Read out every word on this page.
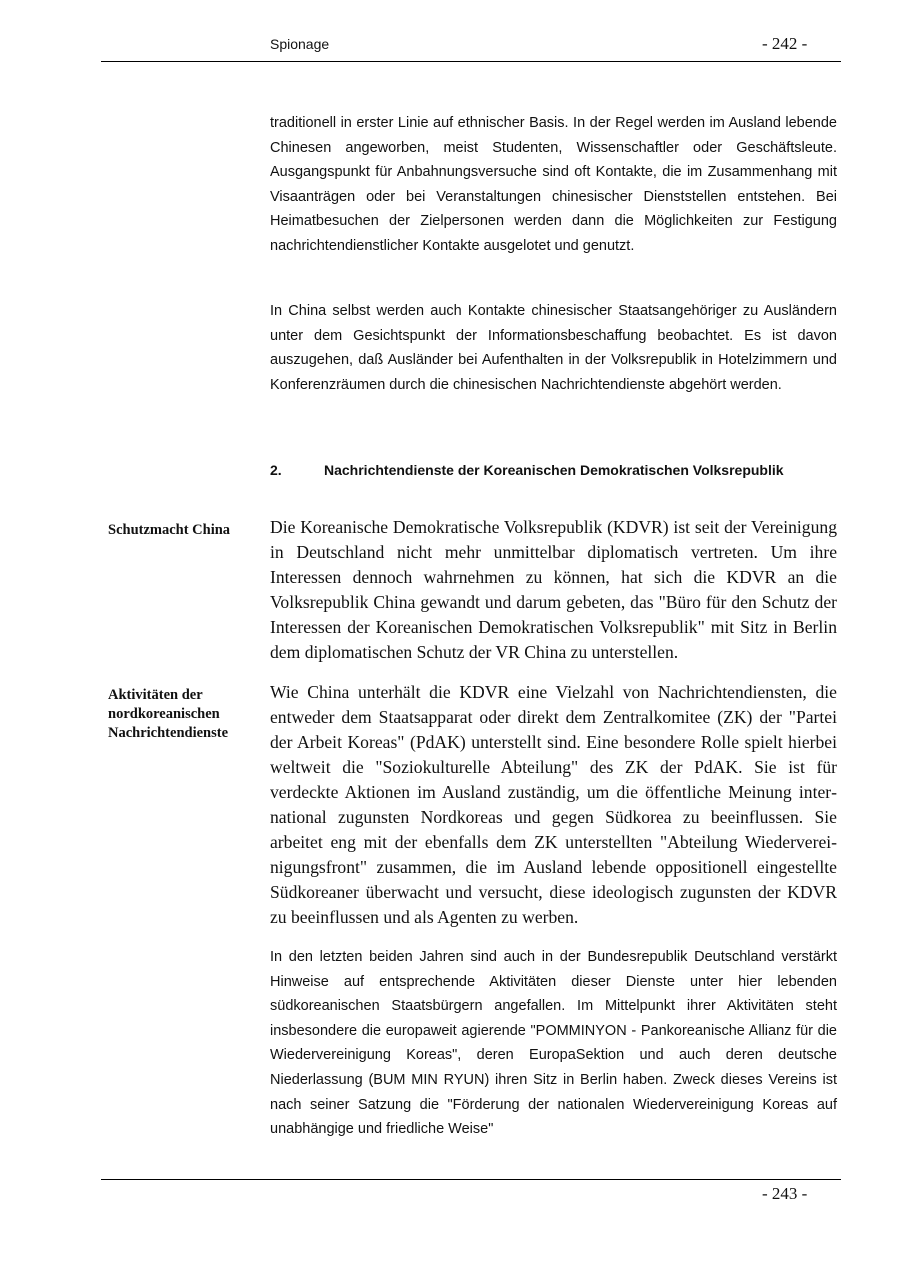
Spionage	- 242 -

traditionell in erster Linie auf ethnischer Basis. In der Regel werden im Ausland lebende Chinesen angeworben, meist Studenten, Wissenschaftler oder Geschäftsleute. Ausgangspunkt für Anbahnungsversuche sind oft Kontakte, die im Zusammenhang mit Visaanträgen oder bei Veranstaltungen chinesischer Dienststellen entstehen. Bei Heimatbesuchen der Zielpersonen werden dann die Möglichkeiten zur Festigung nachrichtendienstlicher Kontakte ausgelotet und genutzt.

In China selbst werden auch Kontakte chinesischer Staatsangehöriger zu Ausländern unter dem Gesichtspunkt der Informationsbeschaffung beobachtet. Es ist davon auszugehen, daß Ausländer bei Aufenthalten in der Volksrepublik in Hotelzimmern und Konferenzräumen durch die chinesischen Nachrichtendienste abgehört werden.

2.	Nachrichtendienste der Koreanischen Demokratischen Volksrepublik

Schutzmacht China	Die Koreanische Demokratische Volksrepublik (KDVR) ist seit der Vereinigung in Deutschland nicht mehr unmittelbar diplomatisch vertreten. Um ihre Interessen dennoch wahrnehmen zu können, hat sich die KDVR an die Volksrepublik China gewandt und darum gebeten, das "Büro für den Schutz der Interessen der Koreanischen Demokratischen Volksrepublik" mit Sitz in Berlin dem diplomatischen Schutz der VR China zu unterstellen.

Aktivitäten der nordkoreanischen Nachrichtendienste

Wie China unterhält die KDVR eine Vielzahl von Nachrichtendiensten, die entweder dem Staatsapparat oder direkt dem Zentralkomitee (ZK) der "Partei der Arbeit Koreas" (PdAK) unterstellt sind. Eine besondere Rolle spielt hierbei weltweit die "Soziokulturelle Abteilung" des ZK der PdAK. Sie ist für verdeckte Aktionen im Ausland zuständig, um die öffentliche Meinung international zugunsten Nordkoreas und gegen Südkorea zu beeinflussen. Sie arbeitet eng mit der ebenfalls dem ZK unterstellten "Abteilung Wiedervereinigungsfront" zusammen, die im Ausland lebende oppositionell eingestellte Südkoreaner überwacht und versucht, diese ideologisch zugunsten der KDVR zu beeinflussen und als Agenten zu werben.

In den letzten beiden Jahren sind auch in der Bundesrepublik Deutschland verstärkt Hinweise auf entsprechende Aktivitäten dieser Dienste unter hier lebenden südkoreanischen Staatsbürgern angefallen. Im Mittelpunkt ihrer Aktivitäten steht insbesondere die europaweit agierende "POMMINYON - Pankoreanische Allianz für die Wiedervereinigung Koreas", deren EuropaSektion und auch deren deutsche Niederlassung (BUM MIN RYUN) ihren Sitz in Berlin haben. Zweck dieses Vereins ist nach seiner Satzung die "Förderung der nationalen Wiedervereinigung Koreas auf unabhängige und friedliche Weise"

- 243 -
